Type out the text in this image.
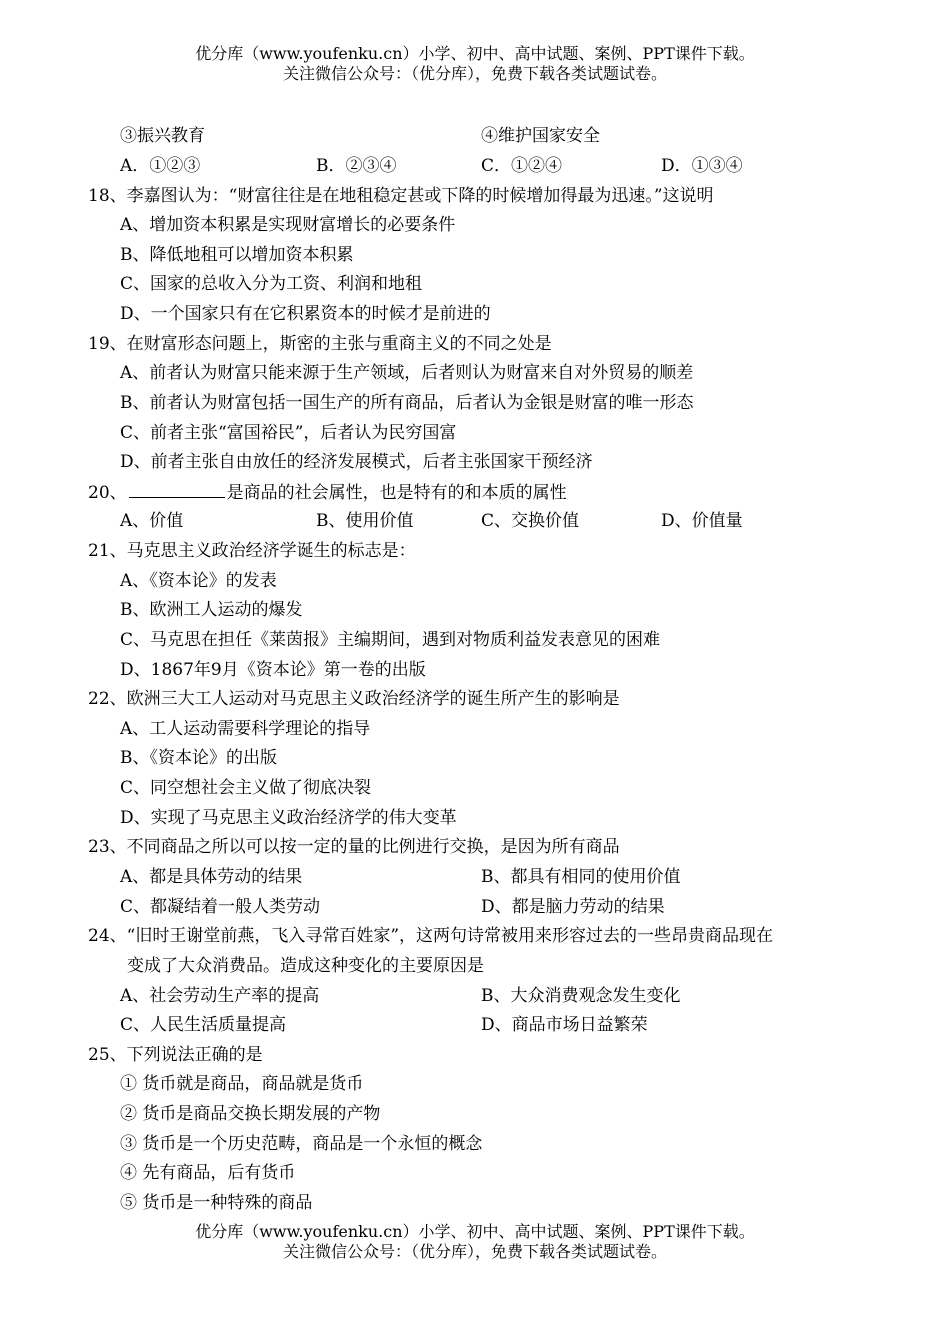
优分库（www.youfenku.cn）小学、初中、高中试题、案例、PPT课件下载。
关注微信公众号：（优分库），免费下载各类试题试卷。
③振兴教育	④维护国家安全
A．①②③	B．②③④	C．①②④	D．①③④
18、李嘉图认为：“财富往往是在地租稳定甚或下降的时候增加得最为迅速。”这说明
A、增加资本积累是实现财富增长的必要条件
B、降低地租可以增加资本积累
C、国家的总收入分为工资、利润和地租
D、一个国家只有在它积累资本的时候才是前进的
19、在财富形态问题上，斯密的主张与重商主义的不同之处是
A、前者认为财富只能来源于生产领域，后者则认为财富来自对外贸易的顺差
B、前者认为财富包括一国生产的所有商品，后者认为金银是财富的唯一形态
C、前者主张“富国裕民”，后者认为民穷国富
D、前者主张自由放任的经济发展模式，后者主张国家干预经济
20、	是商品的社会属性，也是特有的和本质的属性
A、价值	B、使用价值	C、交换价值	D、价值量
21、马克思主义政治经济学诞生的标志是：
A、《资本论》的发表
B、欧洲工人运动的爆发
C、马克思在担任《莱茵报》主编期间，遇到对物质利益发表意见的困难
D、1867年9月《资本论》第一卷的出版
22、欧洲三大工人运动对马克思主义政治经济学的诞生所产生的影响是
A、工人运动需要科学理论的指导
B、《资本论》的出版
C、同空想社会主义做了彻底决裂
D、实现了马克思主义政治经济学的伟大变革
23、不同商品之所以可以按一定的量的比例进行交换，是因为所有商品
A、都是具体劳动的结果	B、都具有相同的使用价值
C、都凝结着一般人类劳动	D、都是脑力劳动的结果
24、“旧时王谢堂前燕，飞入寻常百姓家”，这两句诗常被用来形容过去的一些昂贵商品现在
变成了大众消费品。造成这种变化的主要原因是
A、社会劳动生产率的提高	B、大众消费观念发生变化
C、人民生活质量提高	D、商品市场日益繁荣
25、下列说法正确的是
① 货币就是商品，商品就是货币
② 货币是商品交换长期发展的产物
③ 货币是一个历史范畴，商品是一个永恒的概念
④ 先有商品，后有货币
⑤ 货币是一种特殊的商品
优分库（www.youfenku.cn）小学、初中、高中试题、案例、PPT课件下载。
关注微信公众号：（优分库），免费下载各类试题试卷。
